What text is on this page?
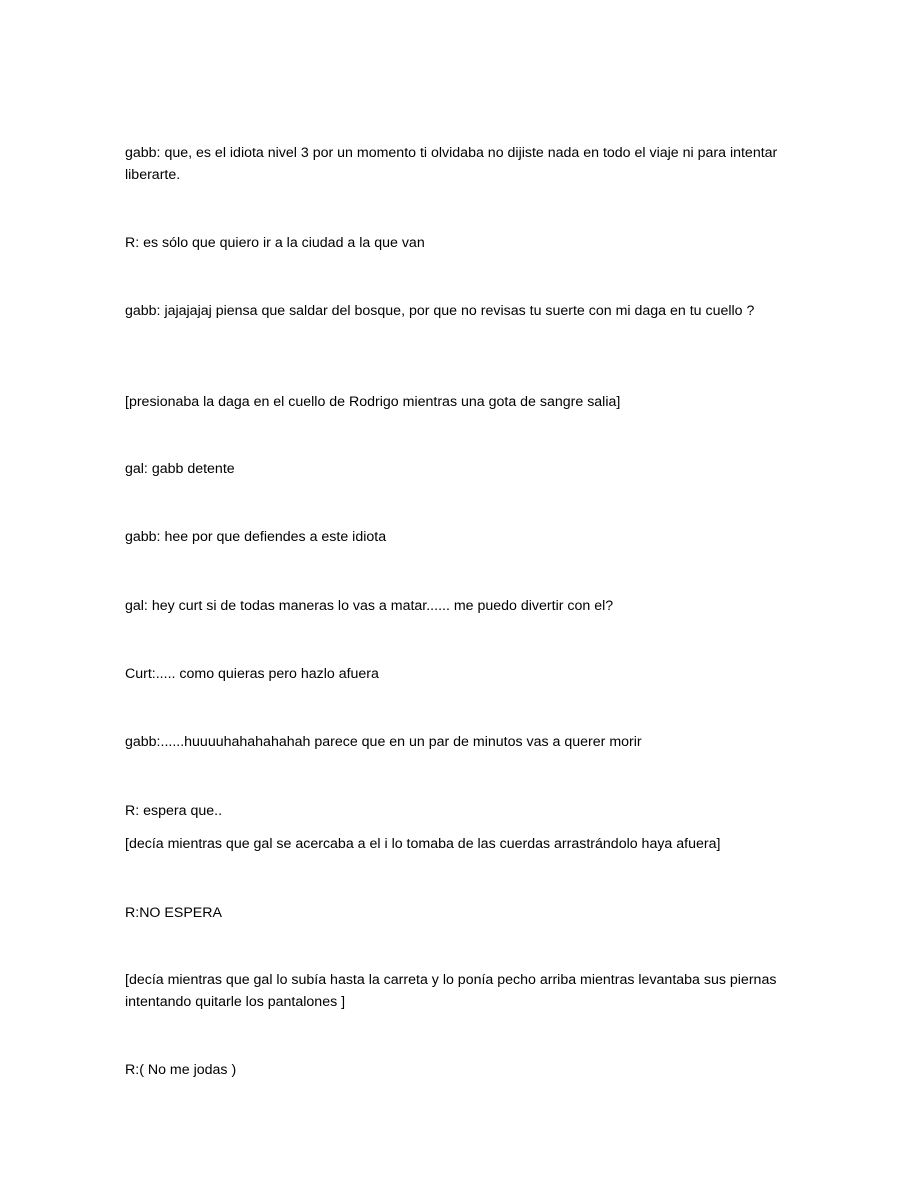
gabb: que, es el idiota nivel 3 por un momento ti olvidaba no dijiste nada en todo el viaje ni para intentar liberarte.

R: es sólo que quiero ir a la ciudad a la que van

gabb: jajajajaj piensa que saldar del bosque, por que no revisas tu suerte con mi daga en tu cuello ?

[presionaba la daga en el cuello de Rodrigo mientras una gota de sangre salia]

gal: gabb detente

gabb: hee por que defiendes a este idiota

gal: hey curt si de todas maneras lo vas a matar...... me puedo divertir con el?

Curt:..... como quieras pero hazlo afuera

gabb:......huuuuhahahahahah parece que en un par de minutos vas a querer morir

R: espera que..

[decía mientras que gal se acercaba a el i lo tomaba de las cuerdas arrastrándolo haya afuera]

R:NO ESPERA

[decía mientras que gal lo subía hasta la carreta y lo ponía pecho arriba mientras levantaba sus piernas intentando quitarle los pantalones ]

R:( No me jodas )
